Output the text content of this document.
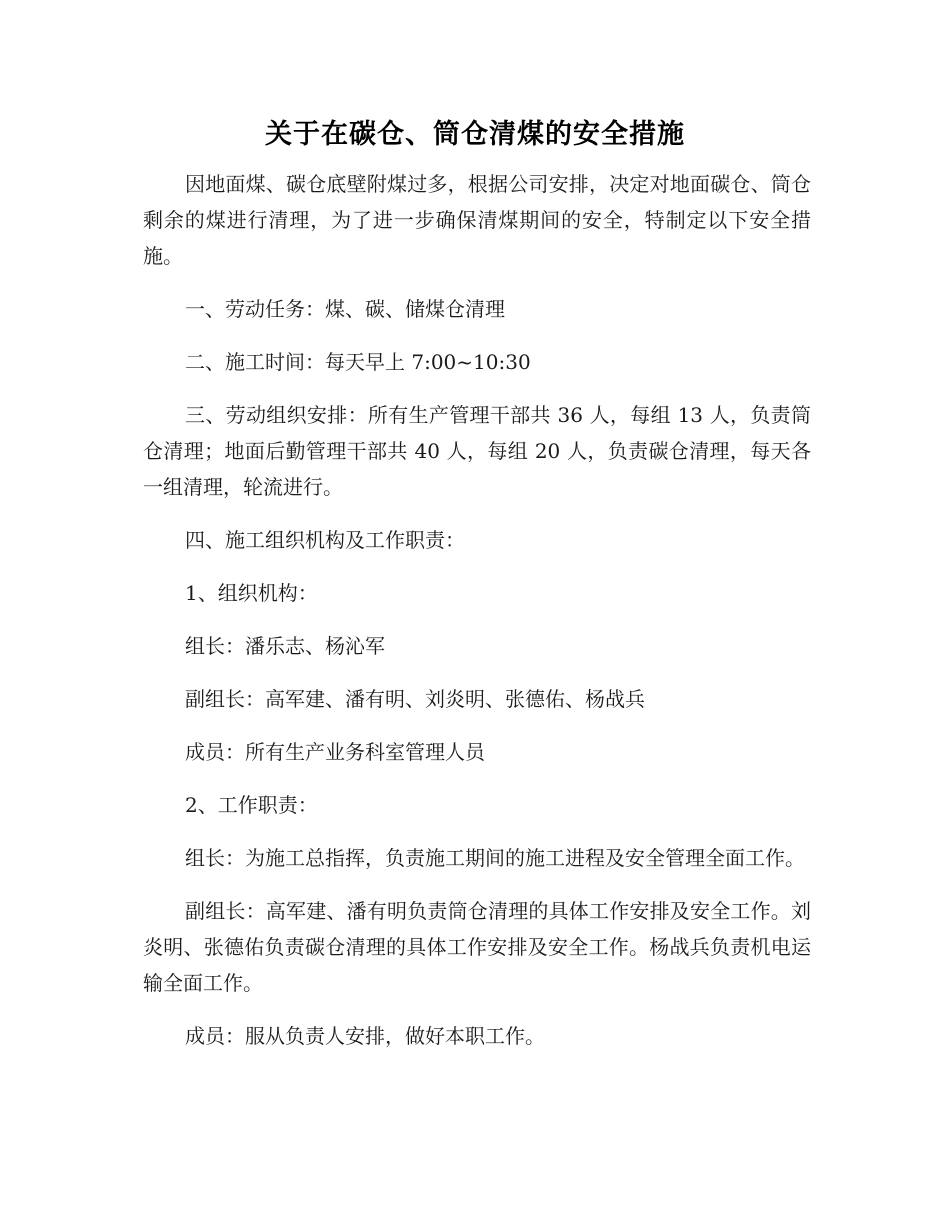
关于在碳仓、筒仓清煤的安全措施

因地面煤、碳仓底壁附煤过多，根据公司安排，决定对地面碳仓、筒仓剩余的煤进行清理，为了进一步确保清煤期间的安全，特制定以下安全措施。

一、劳动任务：煤、碳、储煤仓清理

二、施工时间：每天早上 7:00~10:30

三、劳动组织安排：所有生产管理干部共 36 人，每组 13 人，负责筒仓清理；地面后勤管理干部共 40 人，每组 20 人，负责碳仓清理，每天各一组清理，轮流进行。

四、施工组织机构及工作职责：

1、组织机构：

组长：潘乐志、杨沁军

副组长：高军建、潘有明、刘炎明、张德佑、杨战兵

成员：所有生产业务科室管理人员

2、工作职责：

组长：为施工总指挥，负责施工期间的施工进程及安全管理全面工作。

副组长：高军建、潘有明负责筒仓清理的具体工作安排及安全工作。刘炎明、张德佑负责碳仓清理的具体工作安排及安全工作。杨战兵负责机电运输全面工作。

成员：服从负责人安排，做好本职工作。
